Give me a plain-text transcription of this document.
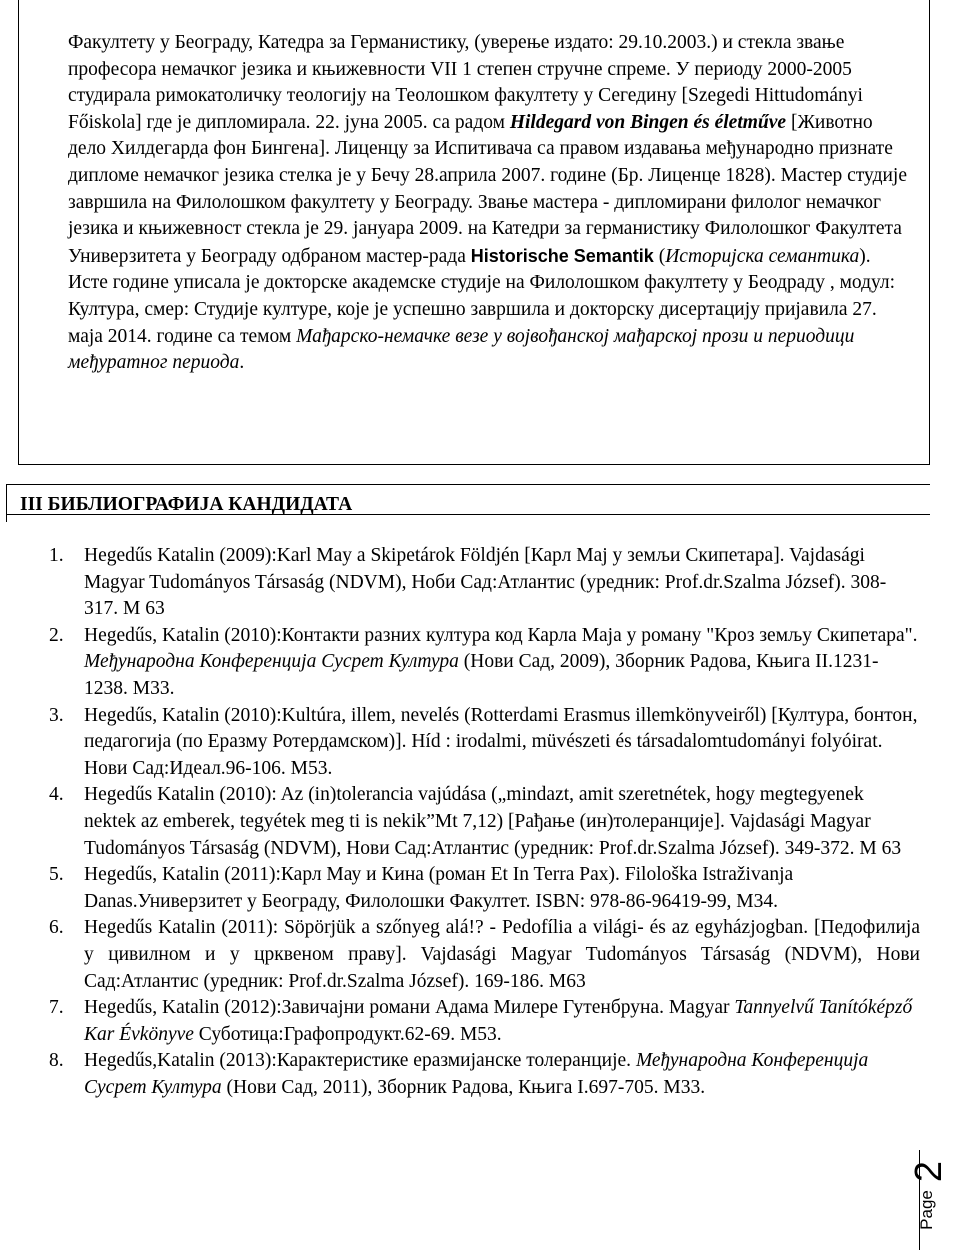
Факултету у Београду, Катедра за Германистику, (уверење издато: 29.10.2003.) и стекла звање професора немачког језика и књижевности VII 1 степен стручне спреме. У периоду 2000-2005 студирала римокатоличку теологију на Теолошком факултету у Сегедину [Szegedi Hittudományi Főiskola] где је дипломирала. 22. јуна 2005. са радом Hildegard von Bingen és életműve [Животно дело Хилдегарда фон Бингена]. Лиценцу за Испитивача са правом издавања међународно признате дипломе немачког језика стелка је у Бечу 28.априла 2007. године (Бр. Лиценце 1828). Мастер студије завршила на Филолошком факултету у Београду. Звање мастера - дипломирани филолог немачког језика и књижевност стекла је 29. јануара 2009. на Катедри за германистику Филолошког Факултета Универзитета у Београду одбраном мастер-рада Historische Semantik (Историјска семантика). Исте године уписала је докторске академске студије на Филолошком факултету у Беодраду , модул: Култура, смер: Студије културе, које је успешно завршила и докторску дисертацију пријавила 27. маја 2014. године са темом Мађарско-немачке везе у војвођанској мађарској прози и периодици међуратног периода.

III БИБЛИОГРАФИЈА КАНДИДАТА

1.	Hegedűs Katalin (2009):Karl May a Skipetárok Földjén [Карл Мај у земљи Скипетара]. Vajdasági Magyar Tudományos Társaság (NDVM), Ноби Сад:Атлантис (уредник: Prof.dr.Szalma József). 308-317. M 63
2.	Hegedűs, Katalin (2010):Контакти разних култура код Карла Маја у роману "Кроз земљу Скипетара". Међународна Конференција Сусрет Култура (Нови Сад, 2009), Зборник Радова, Књига II.1231-1238. M33.
3.	Hegedűs, Katalin (2010):Kultúra, illem, nevelés (Rotterdami Erasmus illemkönyveiről) [Култура, бонтон, педагогија (по Еразму Ротердамском)]. Híd : irodalmi, müvészeti és társadalomtudományi folyóirat. Нови Сад:Идеал.96-106. M53.
4.	Hegedűs Katalin (2010): Az (in)tolerancia vajúdása („mindazt, amit szeretnétek, hogy megtegyenek nektek az emberek, tegyétek meg ti is nekik”Mt 7,12) [Рађање (ин)толеранције]. Vajdasági Magyar Tudományos Társaság (NDVM), Нови Сад:Атлантис (уредник: Prof.dr.Szalma József). 349-372. M 63
5.	Hegedűs, Katalin (2011):Карл Мау и Кина (роман Et In Terra Pax). Filološka Istraživanja Danas.Универзитет у Београду, Филолошки Факултет. ISBN: 978-86-96419-99, M34.
6.	Hegedűs Katalin (2011): Söpörjük a szőnyeg alá!? - Pedofília a világi- és az egyházjogban. [Педофилија у цивилном и у црквеном праву]. Vajdasági Magyar Tudományos Társaság (NDVM), Нови Сад:Атлантис (уредник: Prof.dr.Szalma József). 169-186. M63
7.	Hegedűs, Katalin (2012):Завичајни романи Адама Милере Гутенбруна. Magyar Tannyelvű Tanítóképző Kar Évkönyve Суботица:Графопродукт.62-69. M53.
8.	Hegedűs,Katalin (2013):Карактеристике еразмијанске толеранције. Међународна Конференција Сусрет Култура (Нови Сад, 2011), Зборник Радова, Књига I.697-705. M33.
Page
2
